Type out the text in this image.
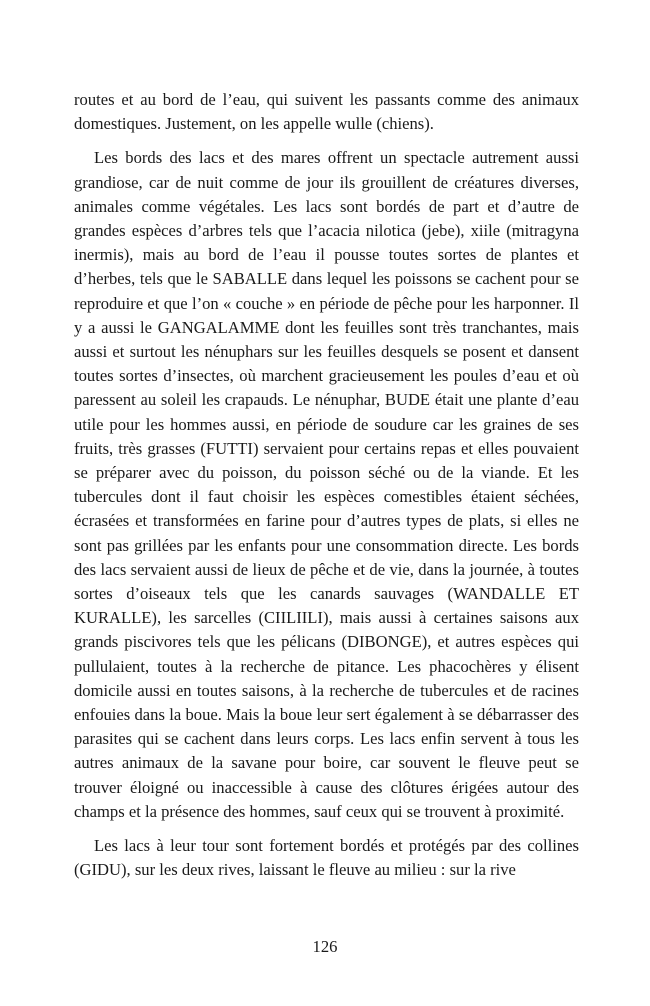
routes et au bord de l’eau, qui suivent les passants comme des animaux domestiques. Justement, on les appelle wulle (chiens).

Les bords des lacs et des mares offrent un spectacle autrement aussi grandiose, car de nuit comme de jour ils grouillent de créatures diverses, animales comme végétales. Les lacs sont bordés de part et d’autre de grandes espèces d’arbres tels que l’acacia nilotica (jebe), xiile (mitragyna inermis), mais au bord de l’eau il pousse toutes sortes de plantes et d’herbes, tels que le SABALLE dans lequel les poissons se cachent pour se reproduire et que l’on « couche » en période de pêche pour les harponner. Il y a aussi le GANGALAMME dont les feuilles sont très tranchantes, mais aussi et surtout les nénuphars sur les feuilles desquels se posent et dansent toutes sortes d’insectes, où marchent gracieusement les poules d’eau et où paressent au soleil les crapauds. Le nénuphar, BUDE était une plante d’eau utile pour les hommes aussi, en période de soudure car les graines de ses fruits, très grasses (FUTTI) servaient pour certains repas et elles pouvaient se préparer avec du poisson, du poisson séché ou de la viande. Et les tubercules dont il faut choisir les espèces comestibles étaient séchées, écrasées et transformées en farine pour d’autres types de plats, si elles ne sont pas grillées par les enfants pour une consommation directe. Les bords des lacs servaient aussi de lieux de pêche et de vie, dans la journée, à toutes sortes d’oiseaux tels que les canards sauvages (WANDALLE ET KURALLE), les sarcelles (CIILIILI), mais aussi à certaines saisons aux grands piscivores tels que les pélicans (DIBONGE), et autres espèces qui pullulaient, toutes à la recherche de pitance. Les phacochères y élisent domicile aussi en toutes saisons, à la recherche de tubercules et de racines enfouies dans la boue. Mais la boue leur sert également à se débarrasser des parasites qui se cachent dans leurs corps. Les lacs enfin servent à tous les autres animaux de la savane pour boire, car souvent le fleuve peut se trouver éloigné ou inaccessible à cause des clôtures érigées autour des champs et la présence des hommes, sauf ceux qui se trouvent à proximité.

Les lacs à leur tour sont fortement bordés et protégés par des collines (GIDU), sur les deux rives, laissant le fleuve au milieu : sur la rive

126
